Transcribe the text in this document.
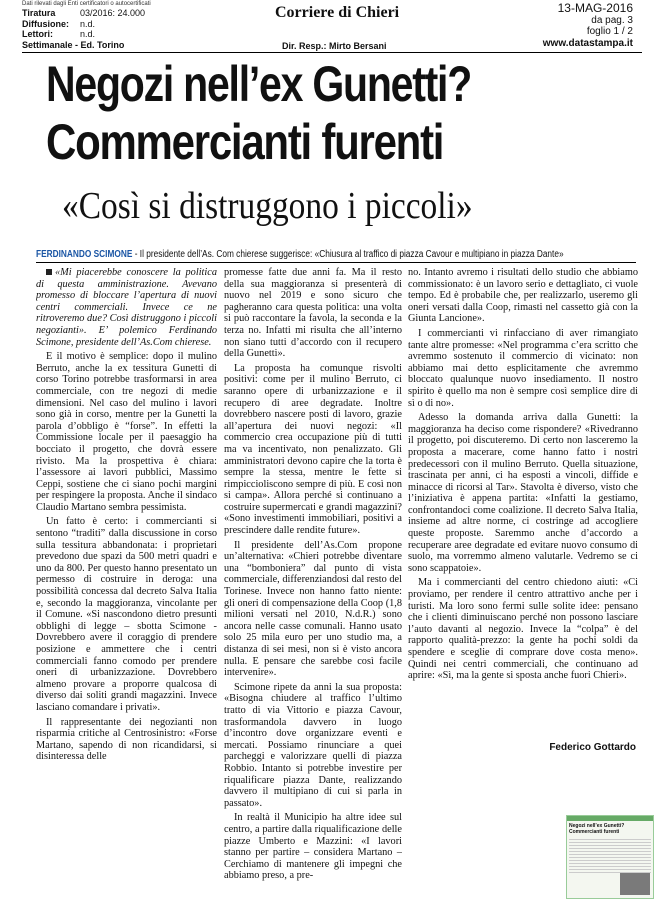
Dati rilevati dagli Enti certificatori o autocertificati
Tiratura	03/2016: 24.000
Diffusione: n.d.
Lettori:	n.d.
Settimanale - Ed. Torino
Corriere di Chieri
Dir. Resp.: Mirto Bersani
13-MAG-2016
da pag. 3
foglio 1 / 2
www.datastampa.it
Negozi nell’ex Gunetti?
Commercianti furenti
«Così si distruggono i piccoli»
FERDINANDO SCIMONE - Il presidente dell’As. Com chierese suggerisce: «Chiusura al traffico di piazza Cavour e multipiano in piazza Dante»

«Mi piacerebbe conoscere la politica di questa amministrazione. Avevano promesso di bloccare l’apertura di nuovi centri commerciali. Invece ce ne ritroveremo due? Così distruggono i piccoli negozianti». E’ polemico Ferdinando Scimone, presidente dell’As.Com chierese.

E il motivo è semplice: dopo il mulino Berruto, anche la ex tessitura Gunetti di corso Torino potrebbe trasformarsi in area commerciale, con tre negozi di medie dimensioni. Nel caso del mulino i lavori sono già in corso, mentre per la Gunetti la parola d’obbligo è “forse”. In effetti la Commissione locale per il paesaggio ha bocciato il progetto, che dovrà essere rivisto. Ma la prospettiva è chiara: l’assessore ai lavori pubblici, Massimo Ceppi, sostiene che ci siano pochi margini per respingere la proposta. Anche il sindaco Claudio Martano sembra pessimista.

Un fatto è certo: i commercianti si sentono “traditi” dalla discussione in corso sulla tessitura abbandonata: i proprietari prevedono due spazi da 500 metri quadri e uno da 800. Per questo hanno presentato un permesso di costruire in deroga: una possibilità concessa dal decreto Salva Italia e, secondo la maggioranza, vincolante per il Comune. «Si nascondono dietro presunti obblighi di legge – sbotta Scimone - Dovrebbero avere il coraggio di prendere posizione e ammettere che i centri commerciali fanno comodo per prendere oneri di urbanizzazione. Dovrebbero almeno provare a proporre qualcosa di diverso dai soliti grandi magazzini. Invece lasciano comandare i privati».

Il rappresentante dei negozianti non risparmia critiche al Centrosinistro: «Forse Martano, sapendo di non ricandidarsi, si disinteressa delle

promesse fatte due anni fa. Ma il resto della sua maggioranza si presenterà di nuovo nel 2019 e sono sicuro che pagheranno cara questa politica: una volta si può raccontare la favola, la seconda e la terza no. Infatti mi risulta che all’interno non siano tutti d’accordo con il recupero della Gunetti».

La proposta ha comunque risvolti positivi: come per il mulino Berruto, ci saranno opere di urbanizzazione e il recupero di aree degradate. Inoltre dovrebbero nascere posti di lavoro, grazie all’apertura dei nuovi negozi: «Il commercio crea occupazione più di tutti ma va incentivato, non penalizzato. Gli amministratori devono capire che la torta è sempre la stessa, mentre le fette si rimpiccioliscono sempre di più. E così non si campa». Allora perché si continuano a costruire supermercati e grandi magazzini? «Sono investimenti immobiliari, positivi a prescindere dalle rendite future».

Il presidente dell’As.Com propone un’alternativa: «Chieri potrebbe diventare una “bomboniera” dal punto di vista commerciale, differenziandosi dal resto del Torinese. Invece non hanno fatto niente: gli oneri di compensazione della Coop (1,8 milioni versati nel 2010, N.d.R.) sono ancora nelle casse comunali. Hanno usato solo 25 mila euro per uno studio ma, a distanza di sei mesi, non si è visto ancora nulla. E pensare che sarebbe così facile intervenire».

Scimone ripete da anni la sua proposta: «Bisogna chiudere al traffico l’ultimo tratto di via Vittorio e piazza Cavour, trasformandola davvero in luogo d’incontro dove organizzare eventi e mercati. Possiamo rinunciare a quei parcheggi e valorizzare quelli di piazza Robbio. Intanto si potrebbe investire per riqualificare piazza Dante, realizzando davvero il multipiano di cui si parla in passato».

In realtà il Municipio ha altre idee sul centro, a partire dalla riqualificazione delle piazze Umberto e Mazzini: «I lavori stanno per partire – considera Martano – Cerchiamo di mantenere gli impegni che abbiamo preso, a pre-

no. Intanto avremo i risultati dello studio che abbiamo commissionato: è un lavoro serio e dettagliato, ci vuole tempo. Ed è probabile che, per realizzarlo, useremo gli oneri versati dalla Coop, rimasti nel cassetto già con la Giunta Lancione».

I commercianti vi rinfacciano di aver rimangiato tante altre promesse: «Nel programma c’era scritto che avremmo sostenuto il commercio di vicinato: non abbiamo mai detto esplicitamente che avremmo bloccato qualunque nuovo insediamento. Il nostro spirito è quello ma non è sempre così semplice dire di sì o di no».

Adesso la domanda arriva dalla Gunetti: la maggioranza ha deciso come rispondere? «Rivedranno il progetto, poi discuteremo. Di certo non lasceremo la proposta a macerare, come hanno fatto i nostri predecessori con il mulino Berruto. Quella situazione, trascinata per anni, ci ha esposti a vincoli, diffide e minacce di ricorsi al Tar». Stavolta è diverso, visto che l’iniziativa è appena partita: «Infatti la gestiamo, confrontandoci come coalizione. Il decreto Salva Italia, insieme ad altre norme, ci costringe ad accogliere queste proposte. Saremmo anche d’accordo a recuperare aree degradate ed evitare nuovo consumo di suolo, ma vorremmo almeno valutarle. Vedremo se ci sono scappatoie».

Ma i commercianti del centro chiedono aiuti: «Ci proviamo, per rendere il centro attrattivo anche per i turisti. Ma loro sono fermi sulle solite idee: pensano che i clienti diminuiscano perché non possono lasciare l’auto davanti al negozio. Invece la “colpa” è del rapporto qualità-prezzo: la gente ha pochi soldi da spendere e sceglie di comprare dove costa meno». Quindi nei centri commerciali, che continuano ad aprire: «Sì, ma la gente si sposta anche fuori Chieri».

Federico Gottardo
Negozi nell’ex Gunetti? Commercianti furenti
